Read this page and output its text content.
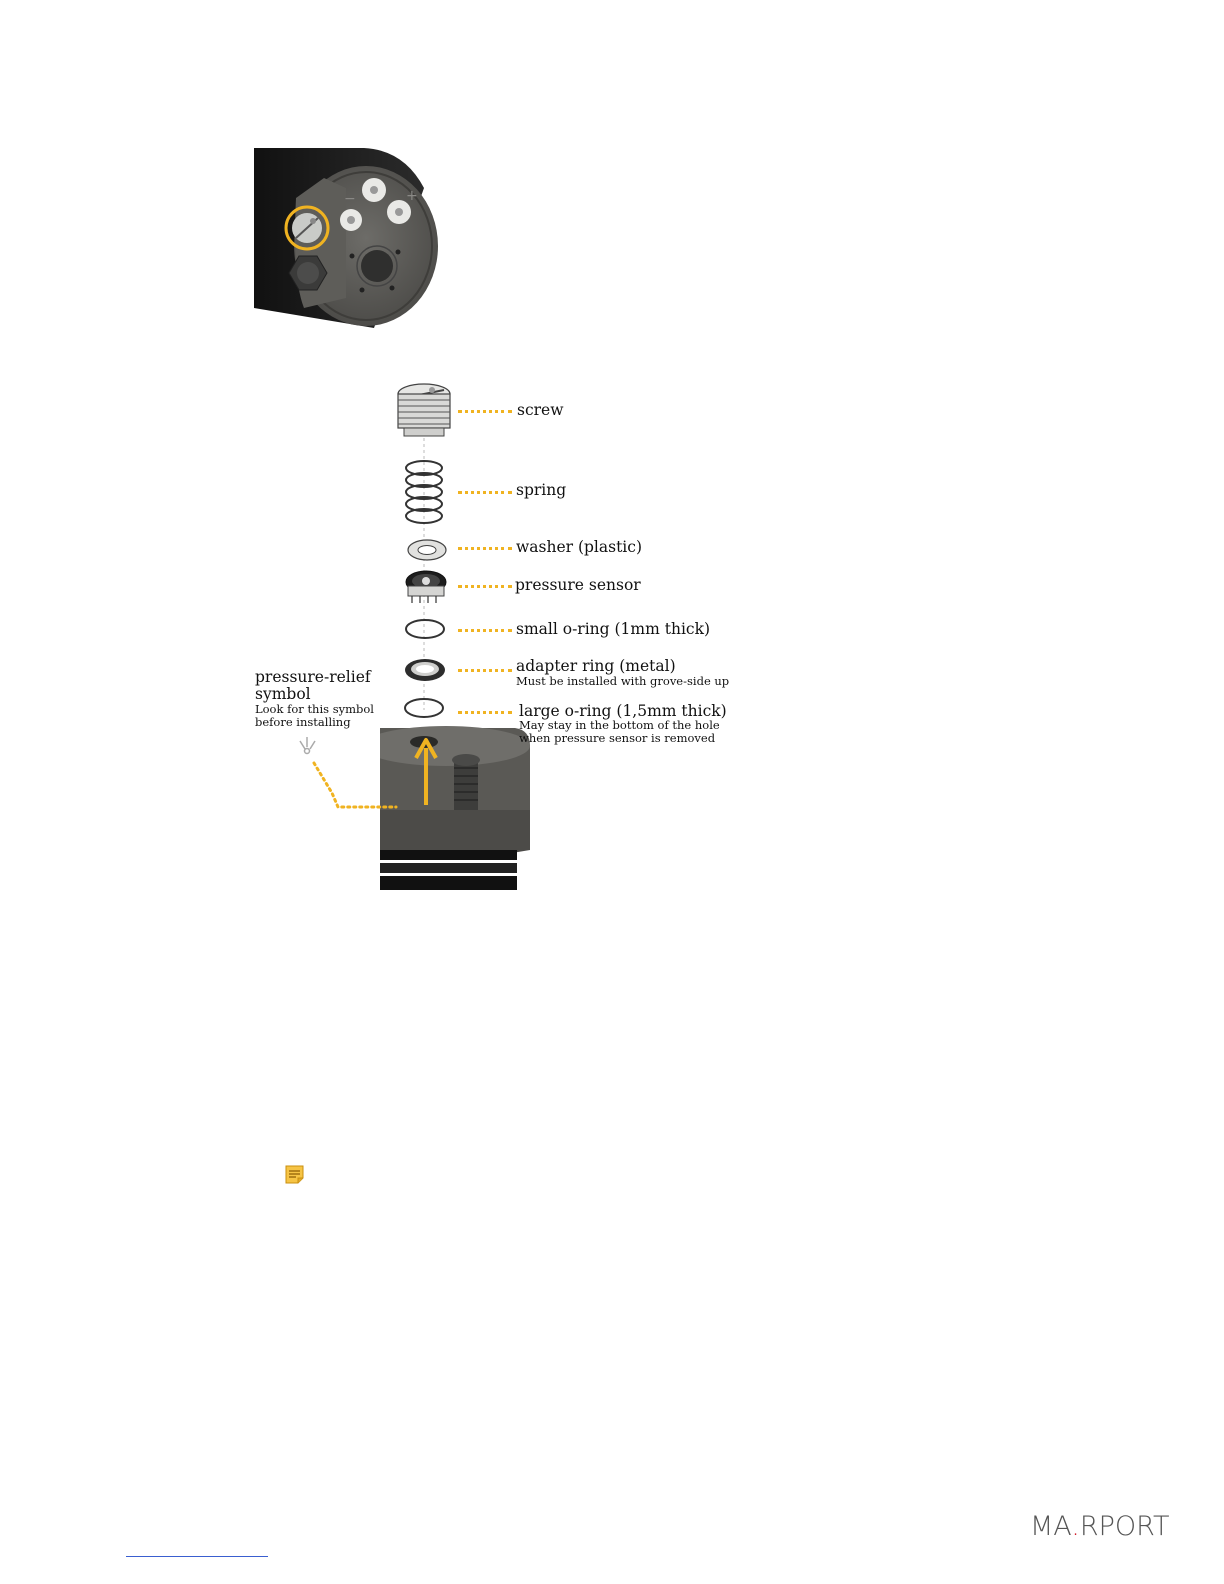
+
−
pressure-relief
symbol
Look for this symbol
before installing
screw
spring
washer (plastic)
pressure sensor
small o-ring (1mm thick)
adapter ring (metal)
Must be installed with grove-side up
large o-ring (1,5mm thick)
May stay in the bottom of the hole
when pressure sensor is removed
MA.RPORT
